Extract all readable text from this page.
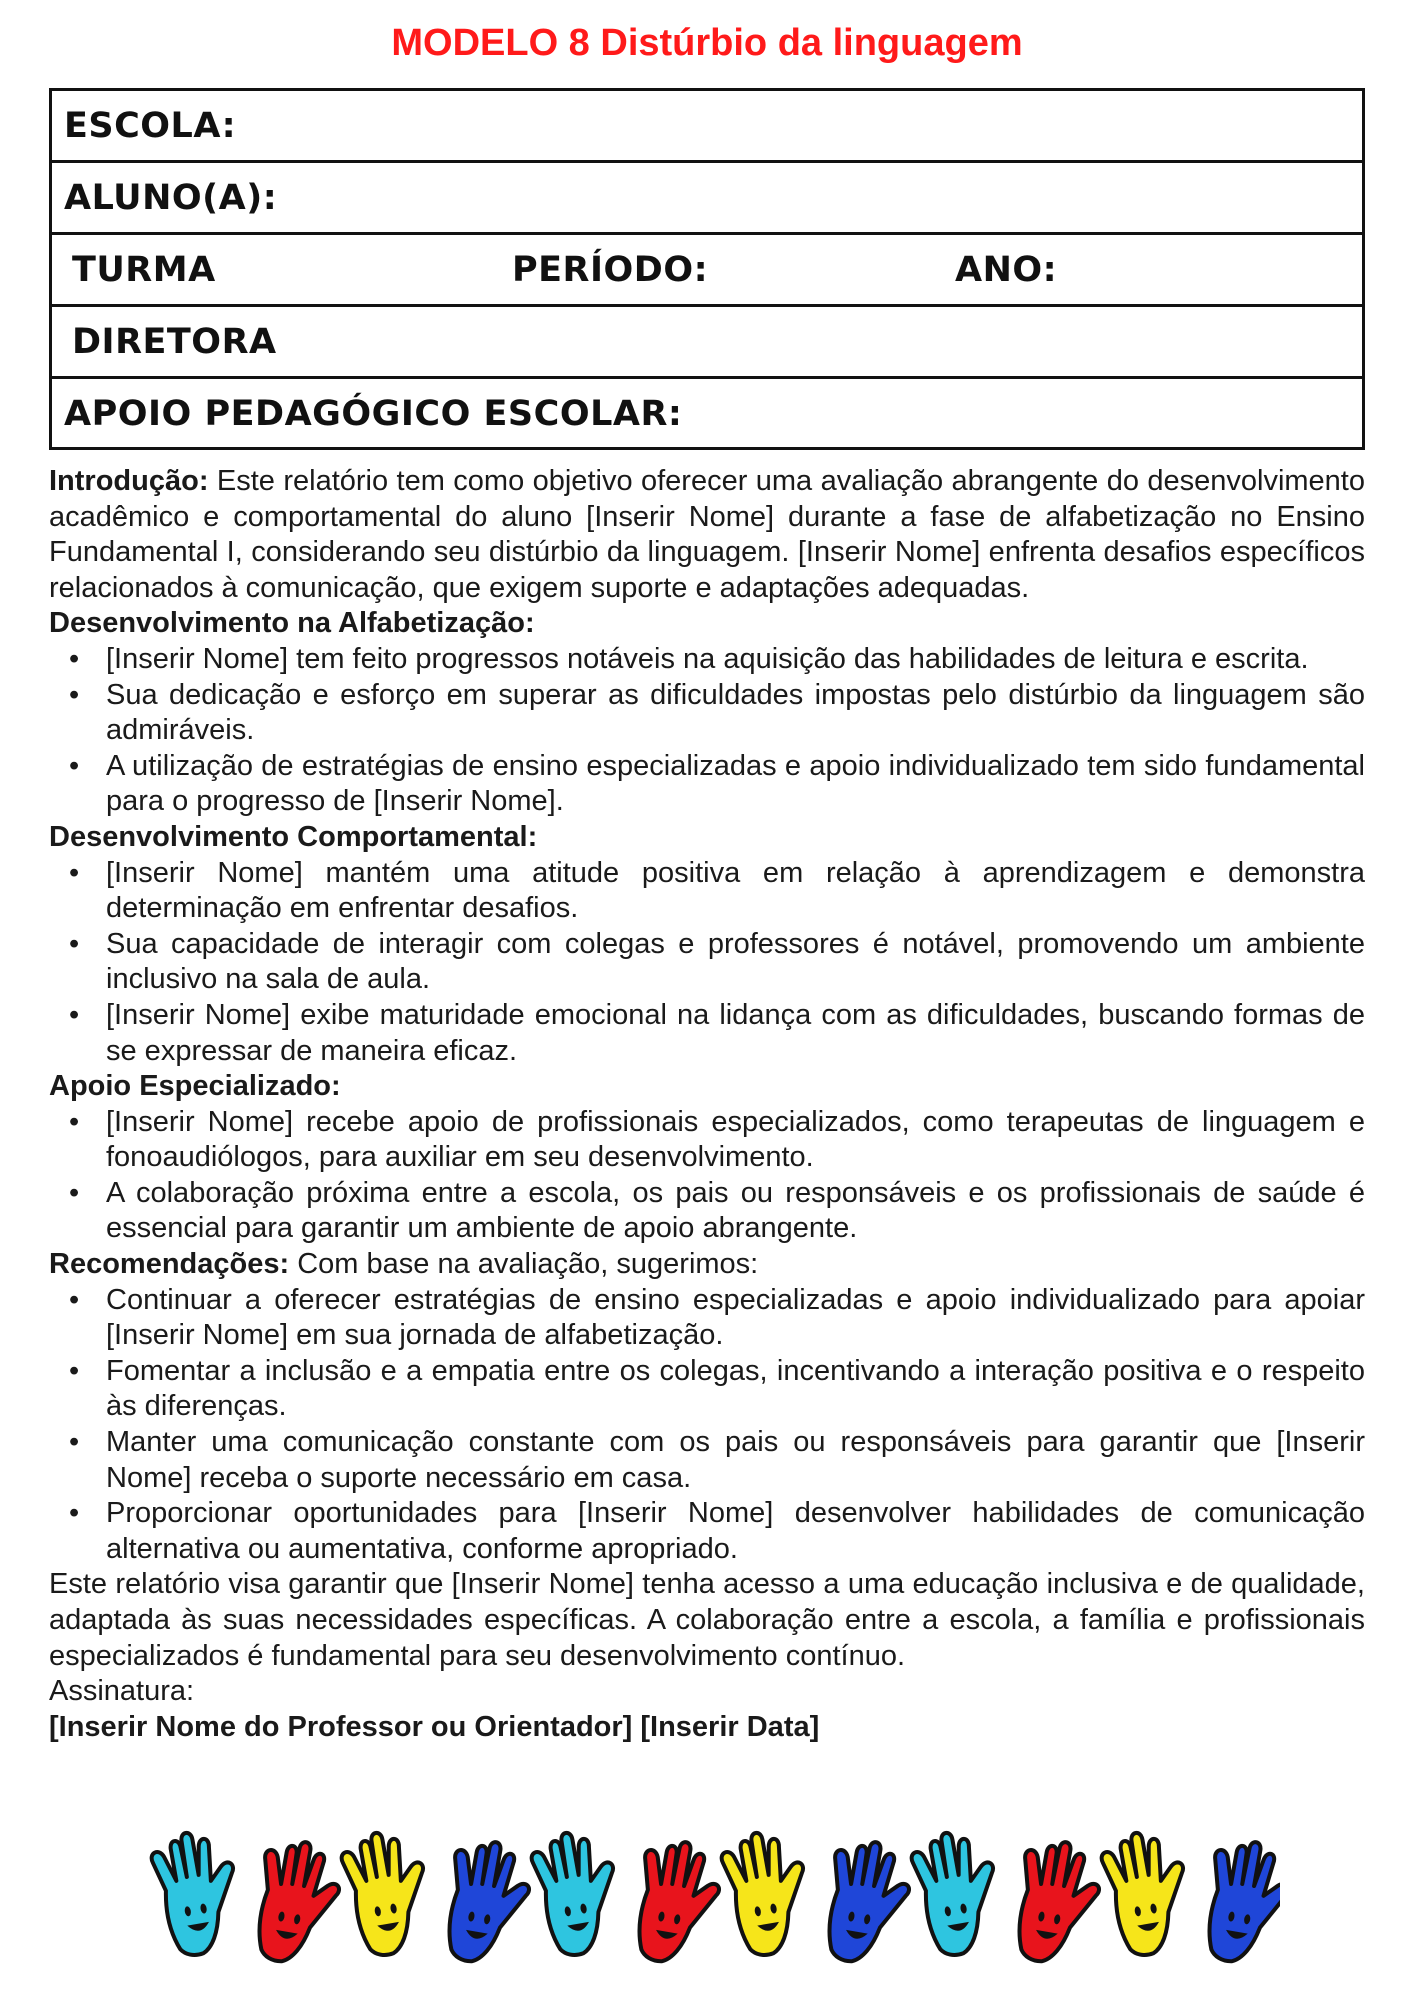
MODELO 8 Distúrbio da linguagem
ESCOLA:
ALUNO(A):
TURMA	PERÍODO:	ANO:
DIRETORA
APOIO PEDAGÓGICO ESCOLAR:

Introdução: Este relatório tem como objetivo oferecer uma avaliação abrangente do desenvolvimento acadêmico e comportamental do aluno [Inserir Nome] durante a fase de alfabetização no Ensino Fundamental I, considerando seu distúrbio da linguagem. [Inserir Nome] enfrenta desafios específicos relacionados à comunicação, que exigem suporte e adaptações adequadas.

Desenvolvimento na Alfabetização:
• [Inserir Nome] tem feito progressos notáveis na aquisição das habilidades de leitura e escrita.
• Sua dedicação e esforço em superar as dificuldades impostas pelo distúrbio da linguagem são admiráveis.
• A utilização de estratégias de ensino especializadas e apoio individualizado tem sido fundamental para o progresso de [Inserir Nome].
Desenvolvimento Comportamental:
• [Inserir Nome] mantém uma atitude positiva em relação à aprendizagem e demonstra determinação em enfrentar desafios.
• Sua capacidade de interagir com colegas e professores é notável, promovendo um ambiente inclusivo na sala de aula.
• [Inserir Nome] exibe maturidade emocional na lidança com as dificuldades, buscando formas de se expressar de maneira eficaz.
Apoio Especializado:
• [Inserir Nome] recebe apoio de profissionais especializados, como terapeutas de linguagem e fonoaudiólogos, para auxiliar em seu desenvolvimento.
• A colaboração próxima entre a escola, os pais ou responsáveis e os profissionais de saúde é essencial para garantir um ambiente de apoio abrangente.

Recomendações: Com base na avaliação, sugerimos:

• Continuar a oferecer estratégias de ensino especializadas e apoio individualizado para apoiar [Inserir Nome] em sua jornada de alfabetização.
• Fomentar a inclusão e a empatia entre os colegas, incentivando a interação positiva e o respeito às diferenças.
• Manter uma comunicação constante com os pais ou responsáveis para garantir que [Inserir Nome] receba o suporte necessário em casa.
• Proporcionar oportunidades para [Inserir Nome] desenvolver habilidades de comunicação alternativa ou aumentativa, conforme apropriado.

Este relatório visa garantir que [Inserir Nome] tenha acesso a uma educação inclusiva e de qualidade, adaptada às suas necessidades específicas. A colaboração entre a escola, a família e profissionais especializados é fundamental para seu desenvolvimento contínuo.

Assinatura:

[Inserir Nome do Professor ou Orientador] [Inserir Data]
